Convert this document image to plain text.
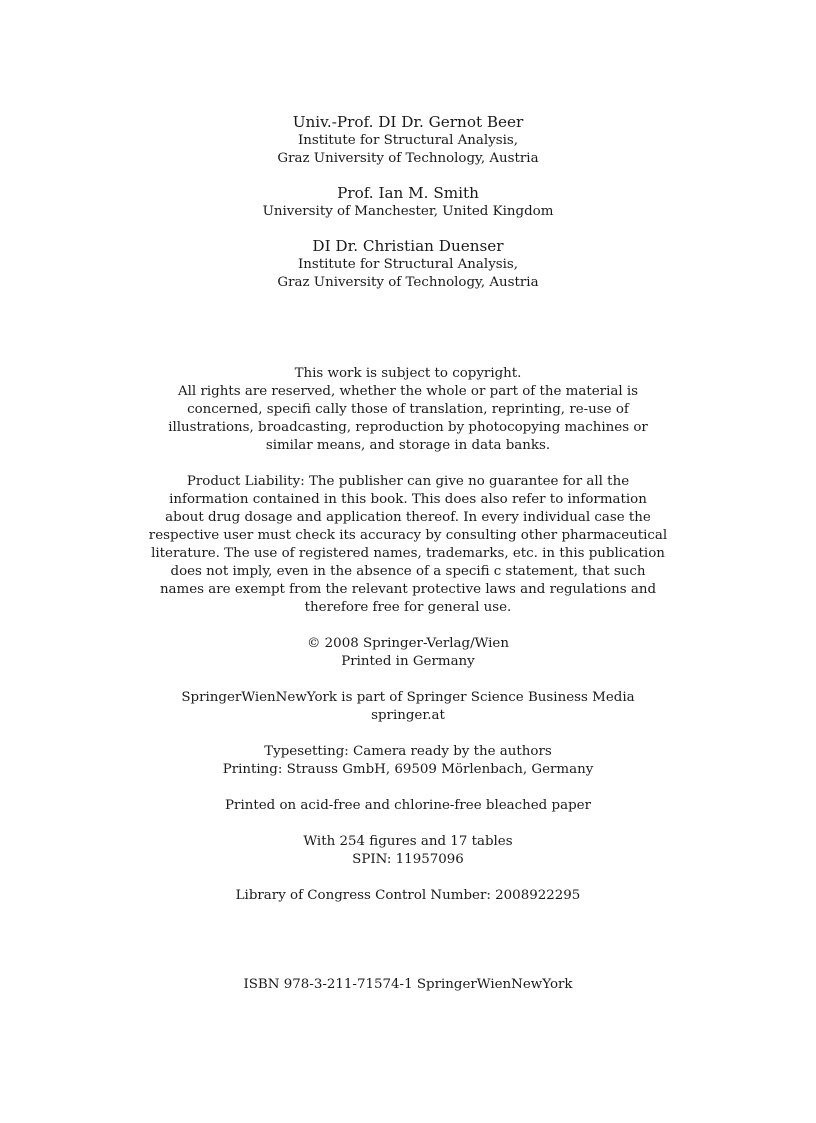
Univ.-Prof. DI Dr. Gernot Beer
Institute for Structural Analysis,
Graz University of Technology, Austria
Prof. Ian M. Smith
University of Manchester, United Kingdom
DI Dr. Christian Duenser
Institute for Structural Analysis,
Graz University of Technology, Austria
This work is subject to copyright.
All rights are reserved, whether the whole or part of the material is
concerned, specifi cally those of translation, reprinting, re-use of
illustrations, broadcasting, reproduction by photocopying machines or
similar means, and storage in data banks.
Product Liability: The publisher can give no guarantee for all the
information contained in this book. This does also refer to information
about drug dosage and application thereof. In every individual case the
respective user must check its accuracy by consulting other pharmaceutical
literature. The use of registered names, trademarks, etc. in this publication
does not imply, even in the absence of a specifi c statement, that such
names are exempt from the relevant protective laws and regulations and
therefore free for general use.
© 2008 Springer-Verlag/Wien
Printed in Germany
SpringerWienNewYork is part of Springer Science Business Media
springer.at
Typesetting: Camera ready by the authors
Printing: Strauss GmbH, 69509 Mörlenbach, Germany
Printed on acid-free and chlorine-free bleached paper
With 254 figures and 17 tables
SPIN: 11957096
Library of Congress Control Number: 2008922295
ISBN 978-3-211-71574-1 SpringerWienNewYork
